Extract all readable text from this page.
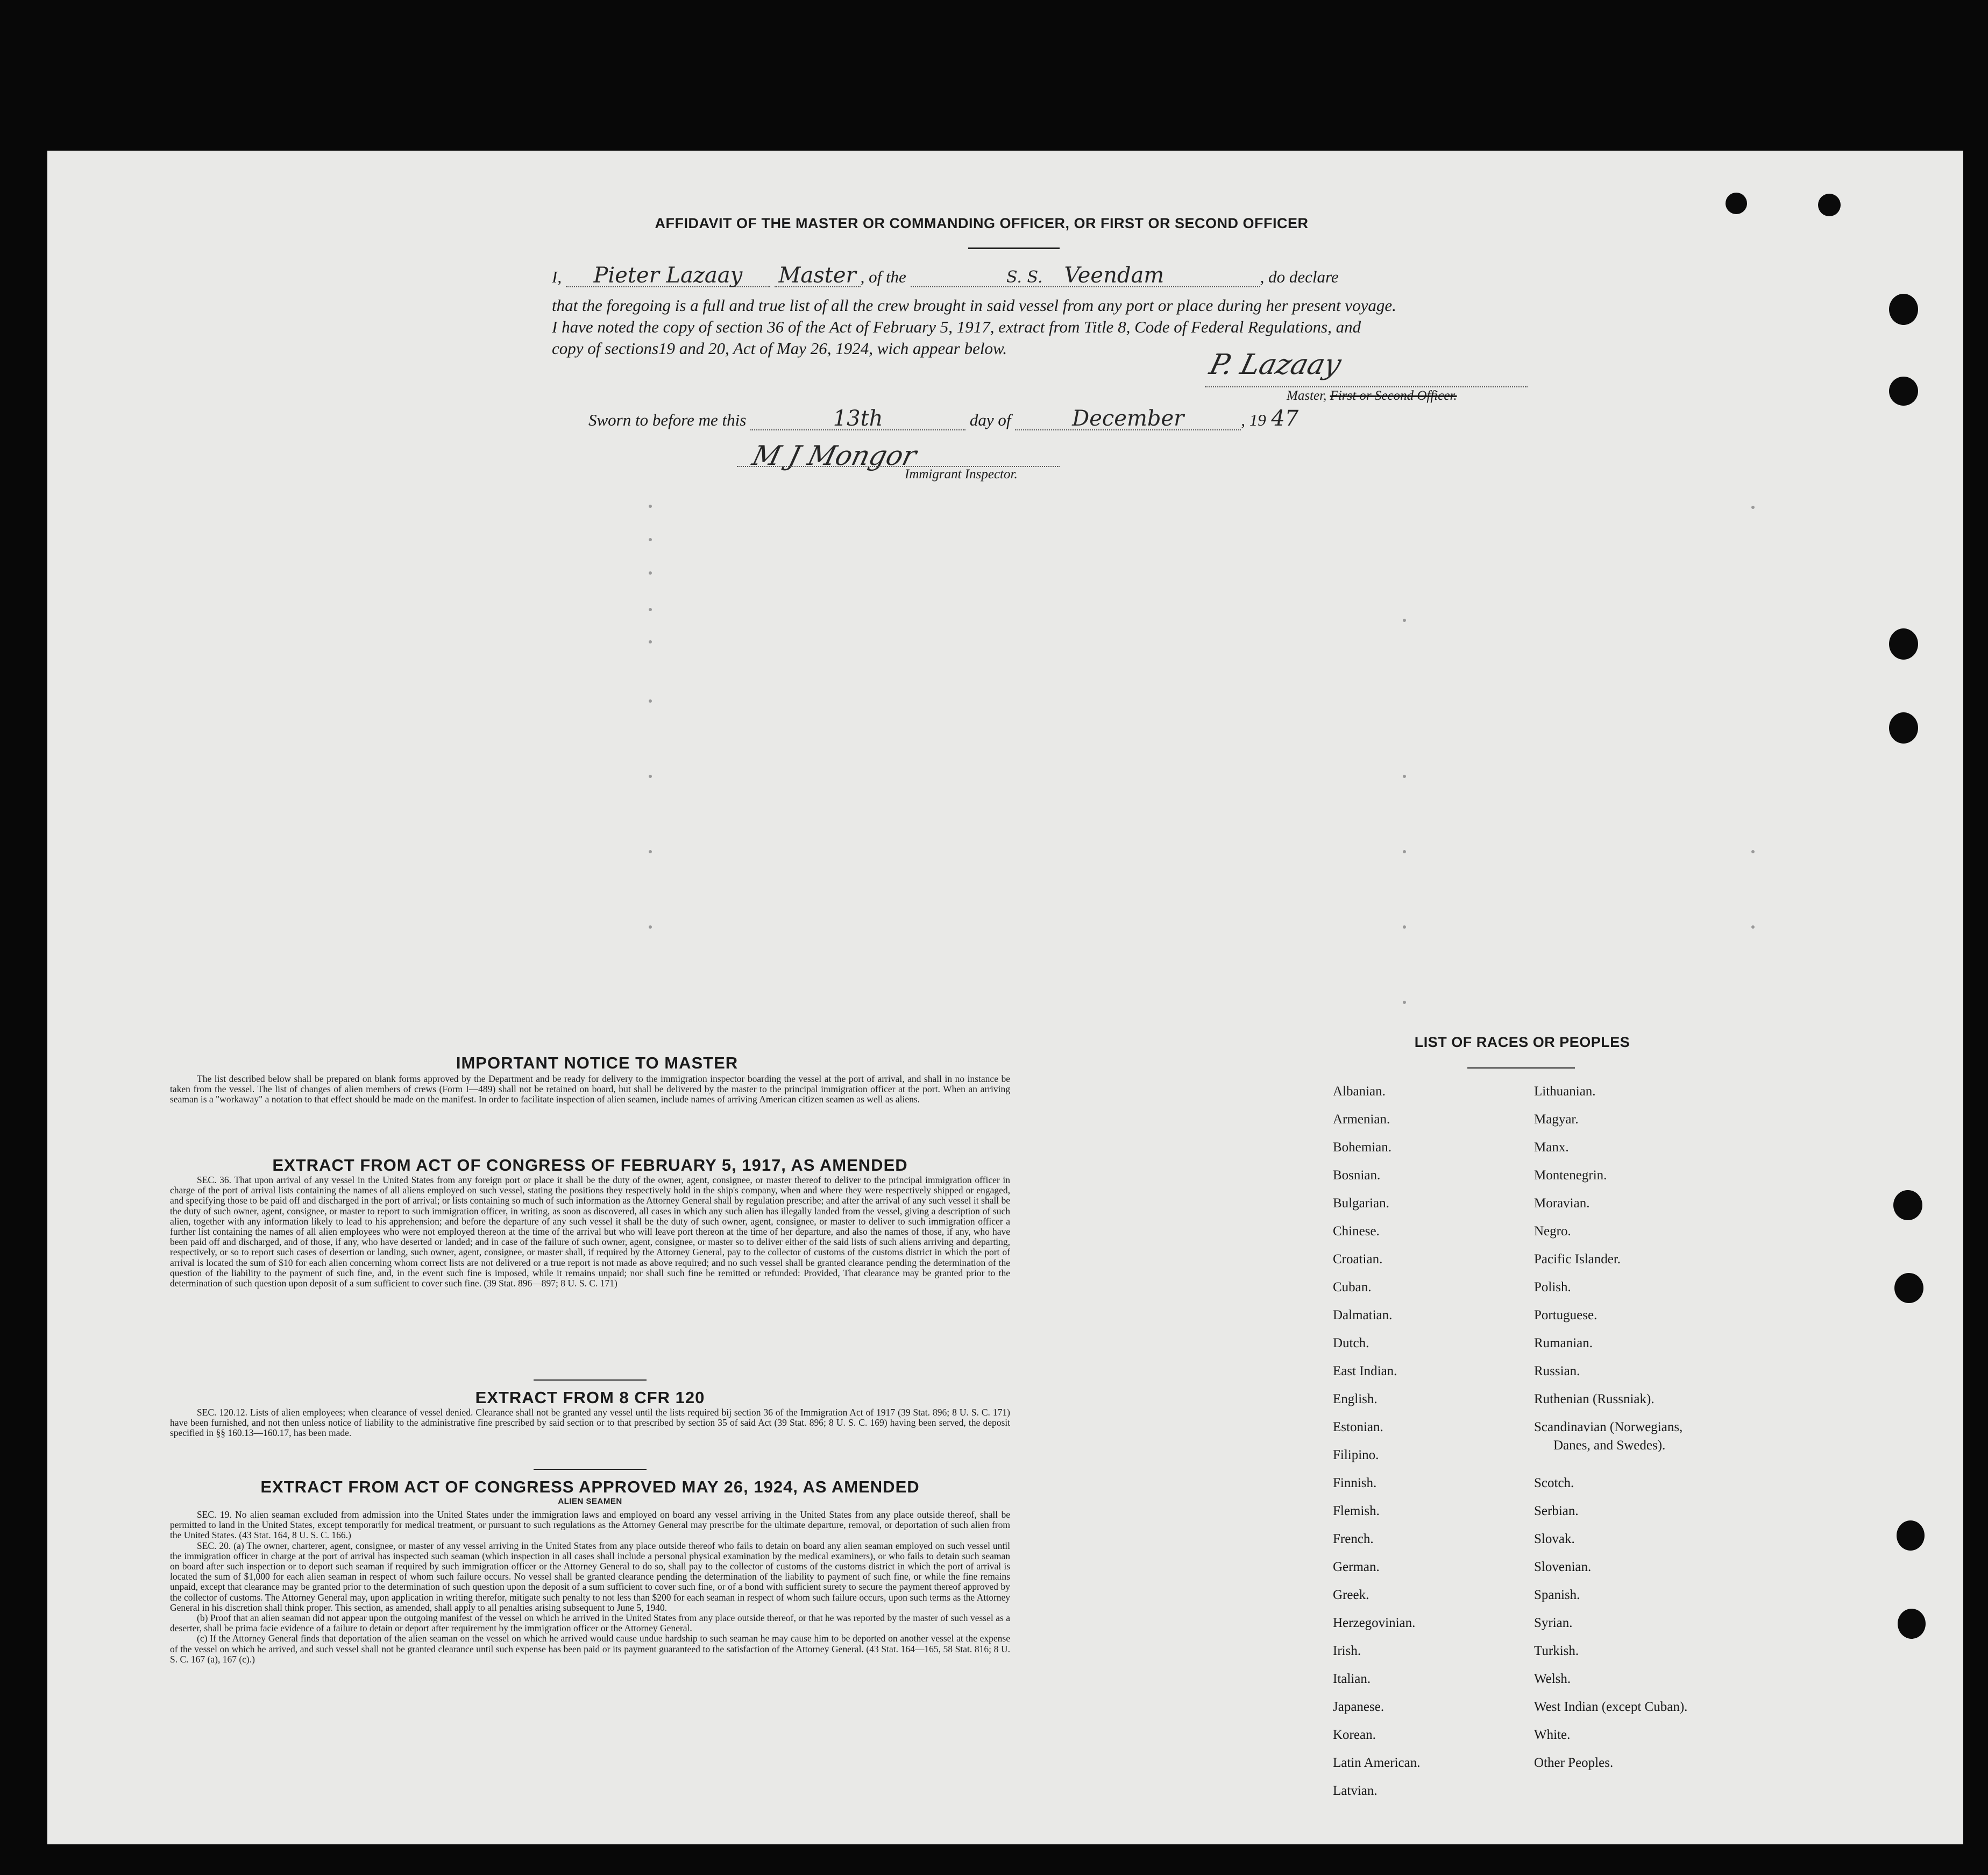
AFFIDAVIT OF THE MASTER OR COMMANDING OFFICER, OR FIRST OR SECOND OFFICER
I, Pieter Lazaay Master , of the	S. S. Veendam	, do declare
that the foregoing is a full and true list of all the crew brought in said vessel from any port or place during her present voyage.
I have noted the copy of section 36 of the Act of February 5, 1917, extract from Title 8, Code of Federal Regulations, and
copy of sections19 and 20, Act of May 26, 1924, wich appear below.
P. Lazaay
Master, First or Second Officer.
Sworn to before me this	13th	day of	December	, 19 47
M J Mongor
Immigrant Inspector.
IMPORTANT NOTICE TO MASTER
The list described below shall be prepared on blank forms approved by the Department and be ready for delivery to the immigration inspector boarding the vessel at the port of arrival, and shall in no instance be taken from the vessel. The list of changes of alien members of crews (Form I—489) shall not be retained on board, but shall be delivered by the master to the principal immigration officer at the port. When an arriving seaman is a "workaway" a notation to that effect should be made on the manifest. In order to facilitate inspection of alien seamen, include names of arriving American citizen seamen as well as aliens.
EXTRACT FROM ACT OF CONGRESS OF FEBRUARY 5, 1917, AS AMENDED
SEC. 36. That upon arrival of any vessel in the United States from any foreign port or place it shall be the duty of the owner, agent, consignee, or master thereof to deliver to the principal immigration officer in charge of the port of arrival lists containing the names of all aliens employed on such vessel, stating the positions they respectively hold in the ship's company, when and where they were respectively shipped or engaged, and specifying those to be paid off and discharged in the port of arrival; or lists containing so much of such information as the Attorney General shall by regulation prescribe; and after the arrival of any such vessel it shall be the duty of such owner, agent, consignee, or master to report to such immigration officer, in writing, as soon as discovered, all cases in which any such alien has illegally landed from the vessel, giving a description of such alien, together with any information likely to lead to his apprehension; and before the departure of any such vessel it shall be the duty of such owner, agent, consignee, or master to deliver to such immigration officer a further list containing the names of all alien employees who were not employed thereon at the time of the arrival but who will leave port thereon at the time of her departure, and also the names of those, if any, who have been paid off and discharged, and of those, if any, who have deserted or landed; and in case of the failure of such owner, agent, consignee, or master so to deliver either of the said lists of such aliens arriving and departing, respectively, or so to report such cases of desertion or landing, such owner, agent, consignee, or master shall, if required by the Attorney General, pay to the collector of customs of the customs district in which the port of arrival is located the sum of $10 for each alien concerning whom correct lists are not delivered or a true report is not made as above required; and no such vessel shall be granted clearance pending the determination of the question of the liability to the payment of such fine, and, in the event such fine is imposed, while it remains unpaid; nor shall such fine be remitted or refunded: Provided, That clearance may be granted prior to the determination of such question upon deposit of a sum sufficient to cover such fine. (39 Stat. 896—897; 8 U. S. C. 171)
EXTRACT FROM 8 CFR 120
SEC. 120.12. Lists of alien employees; when clearance of vessel denied. Clearance shall not be granted any vessel until the lists required bij section 36 of the Immigration Act of 1917 (39 Stat. 896; 8 U. S. C. 171) have been furnished, and not then unless notice of liability to the administrative fine prescribed by said section or to that prescribed by section 35 of said Act (39 Stat. 896; 8 U. S. C. 169) having been served, the deposit specified in §§ 160.13—160.17, has been made.
EXTRACT FROM ACT OF CONGRESS APPROVED MAY 26, 1924, AS AMENDED
ALIEN SEAMEN
SEC. 19. No alien seaman excluded from admission into the United States under the immigration laws and employed on board any vessel arriving in the United States from any place outside thereof, shall be permitted to land in the United States, except temporarily for medical treatment, or pursuant to such regulations as the Attorney General may prescribe for the ultimate departure, removal, or deportation of such alien from the United States. (43 Stat. 164, 8 U. S. C. 166.)
SEC. 20. (a) The owner, charterer, agent, consignee, or master of any vessel arriving in the United States from any place outside thereof who fails to detain on board any alien seaman employed on such vessel until the immigration officer in charge at the port of arrival has inspected such seaman (which inspection in all cases shall include a personal physical examination by the medical examiners), or who fails to detain such seaman on board after such inspection or to deport such seaman if required by such immigration officer or the Attorney General to do so, shall pay to the collector of customs of the customs district in which the port of arrival is located the sum of $1,000 for each alien seaman in respect of whom such failure occurs. No vessel shall be granted clearance pending the determination of the liability to payment of such fine, or while the fine remains unpaid, except that clearance may be granted prior to the determination of such question upon the deposit of a sum sufficient to cover such fine, or of a bond with sufficient surety to secure the payment thereof approved by the collector of customs. The Attorney General may, upon application in writing therefor, mitigate such penalty to not less than $200 for each seaman in respect of whom such failure occurs, upon such terms as the Attorney General in his discretion shall think proper. This section, as amended, shall apply to all penalties arising subsequent to June 5, 1940.
(b) Proof that an alien seaman did not appear upon the outgoing manifest of the vessel on which he arrived in the United States from any place outside thereof, or that he was reported by the master of such vessel as a deserter, shall be prima facie evidence of a failure to detain or deport after requirement by the immigration officer or the Attorney General.
(c) If the Attorney General finds that deportation of the alien seaman on the vessel on which he arrived would cause undue hardship to such seaman he may cause him to be deported on another vessel at the expense of the vessel on which he arrived, and such vessel shall not be granted clearance until such expense has been paid or its payment guaranteed to the satisfaction of the Attorney General. (43 Stat. 164—165, 58 Stat. 816; 8 U. S. C. 167 (a), 167 (c).)
LIST OF RACES OR PEOPLES
Albanian.
Armenian.
Bohemian.
Bosnian.
Bulgarian.
Chinese.
Croatian.
Cuban.
Dalmatian.
Dutch.
East Indian.
English.
Estonian.
Filipino.
Finnish.
Flemish.
French.
German.
Greek.
Herzegovinian.
Irish.
Italian.
Japanese.
Korean.
Latin American.
Latvian.
Lithuanian.
Magyar.
Manx.
Montenegrin.
Moravian.
Negro.
Pacific Islander.
Polish.
Portuguese.
Rumanian.
Russian.
Ruthenian (Russniak).
Scandinavian (Norwegians,
Danes, and Swedes).
Scotch.
Serbian.
Slovak.
Slovenian.
Spanish.
Syrian.
Turkish.
Welsh.
West Indian (except Cuban).
White.
Other Peoples.
